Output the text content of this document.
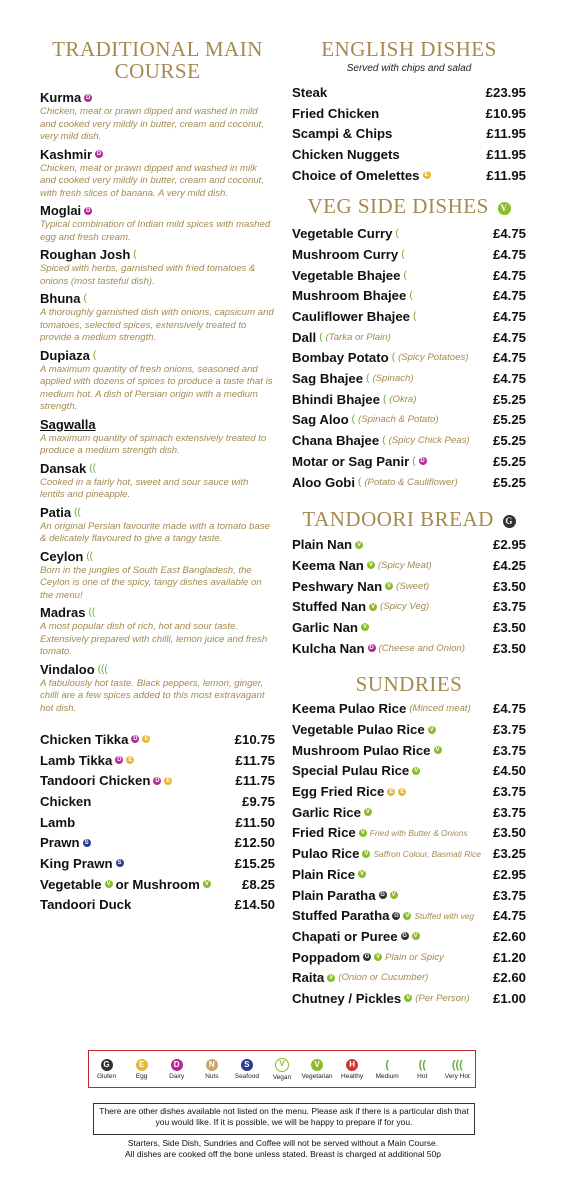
TRADITIONAL MAIN
COURSE
Kurma D
Chicken, meat or prawn dipped and washed in mild and cooked very mildly in butter, cream and coconut, very mild dish.
Kashmir D
Chicken, meat or prawn dipped and washed in milk and cooked very mildly in butter, cream and coconut, with fresh slices of banana. A very mild dish.
Moglai D
Typical combination of Indian mild spices with mashed egg and fresh cream.
Roughan Josh (
Spiced with herbs, garnished with fried tomatoes & onions (most tasteful dish).
Bhuna (
A thoroughly garnished dish with onions, capsicum and tomatoes, selected spices, extensively treated to provide a medium strength.
Dupiaza (
A maximum quantity of fresh onions, seasoned and applied with dozens of spices to produce a taste that is medium hot. A dish of Persian origin with a medium strength.
Sagwalla
A maximum quantity of spinach extensively treated to produce a medium strength dish.
Dansak ((
Cooked in a fairly hot, sweet and sour sauce with lentils and pineapple.
Patia ((
An original Persian favourite made with a tomato base & delicately flavoured to give a tangy taste.
Ceylon ((
Born in the jungles of South East Bangladesh, the Ceylon is one of the spicy, tangy dishes available on the menu!
Madras ((
A most popular dish of rich, hot and sour taste. Extensively prepared with chilli, lemon juice and fresh tomato.
Vindaloo (((
A fabulously hot taste. Black peppers, lemon, ginger, chilli are a few spices added to this most extravagant hot dish.
Chicken Tikka D	E	£10.75
Lamb Tikka D	E	£11.75
Tandoori Chicken D	E	£11.75
Chicken	£9.75
Lamb	£11.50
Prawn S	£12.50
King Prawn S	£15.25
Vegetable V or Mushroom V	£8.25
Tandoori Duck	£14.50
ENGLISH DISHES
Served with chips and salad
Steak	£23.95
Fried Chicken	£10.95
Scampi & Chips	£11.95
Chicken Nuggets	£11.95
Choice of Omelettes E	£11.95
VEG SIDE DISHES V
Vegetable Curry (	£4.75
Mushroom Curry (	£4.75
Vegetable Bhajee (	£4.75
Mushroom Bhajee (	£4.75
Cauliflower Bhajee (	£4.75
Dall ( (Tarka or Plain)	£4.75
Bombay Potato ( (Spicy Potatoes) £4.75
Sag Bhajee ( (Spinach)	£4.75
Bhindi Bhajee ( (Okra)	£5.25
Sag Aloo ( (Spinach & Potato)	£5.25
Chana Bhajee ( (Spicy Chick Peas) £5.25
Motar or Sag Panir ( D	£5.25
Aloo Gobi ( (Potato & Cauliflower)	£5.25
TANDOORI BREAD G
Plain Nan V	£2.95
Keema Nan V (Spicy Meat)	£4.25
Peshwary Nan V (Sweet)	£3.50
Stuffed Nan V (Spicy Veg)	£3.75
Garlic Nan V	£3.50
Kulcha Nan D (Cheese and Onion) £3.50
SUNDRIES
Keema Pulao Rice (Minced meat) £4.75
Vegetable Pulao Rice V	£3.75
Mushroom Pulao Rice V	£3.75
Special Pulau Rice V	£4.50
Egg Fried Rice E	E	£3.75
Garlic Rice V	£3.75
Fried Rice V Fried with Butter & Onions £3.50
Pulao Rice V Saffron Colour, Basmati Rice £3.25
Plain Rice V	£2.95
Plain Paratha G	V	£3.75
Stuffed Paratha G	V Stuffed with veg £4.75
Chapati or Puree G	V	£2.60
Poppadom G	V Plain or Spicy	£1.20
Raita V (Onion or Cucumber)	£2.60
Chutney / Pickles V (Per Person) £1.00
G
Gluten
E
Egg
D
Dairy
N
Nuts
S
Seafood
V
Vegan
V
Vegetarian
H
Healthy
(
Medium
((
Hot
(((
Very Hot
There are other dishes available not listed on the menu. Please ask if there is a particular dish that you would like. If it is possible, we will be happy to prepare if for you.
Starters, Side Dish, Sundries and Coffee will not be served without a Main Course.
All dishes are cooked off the bone unless stated. Breast is charged at additional 50p
